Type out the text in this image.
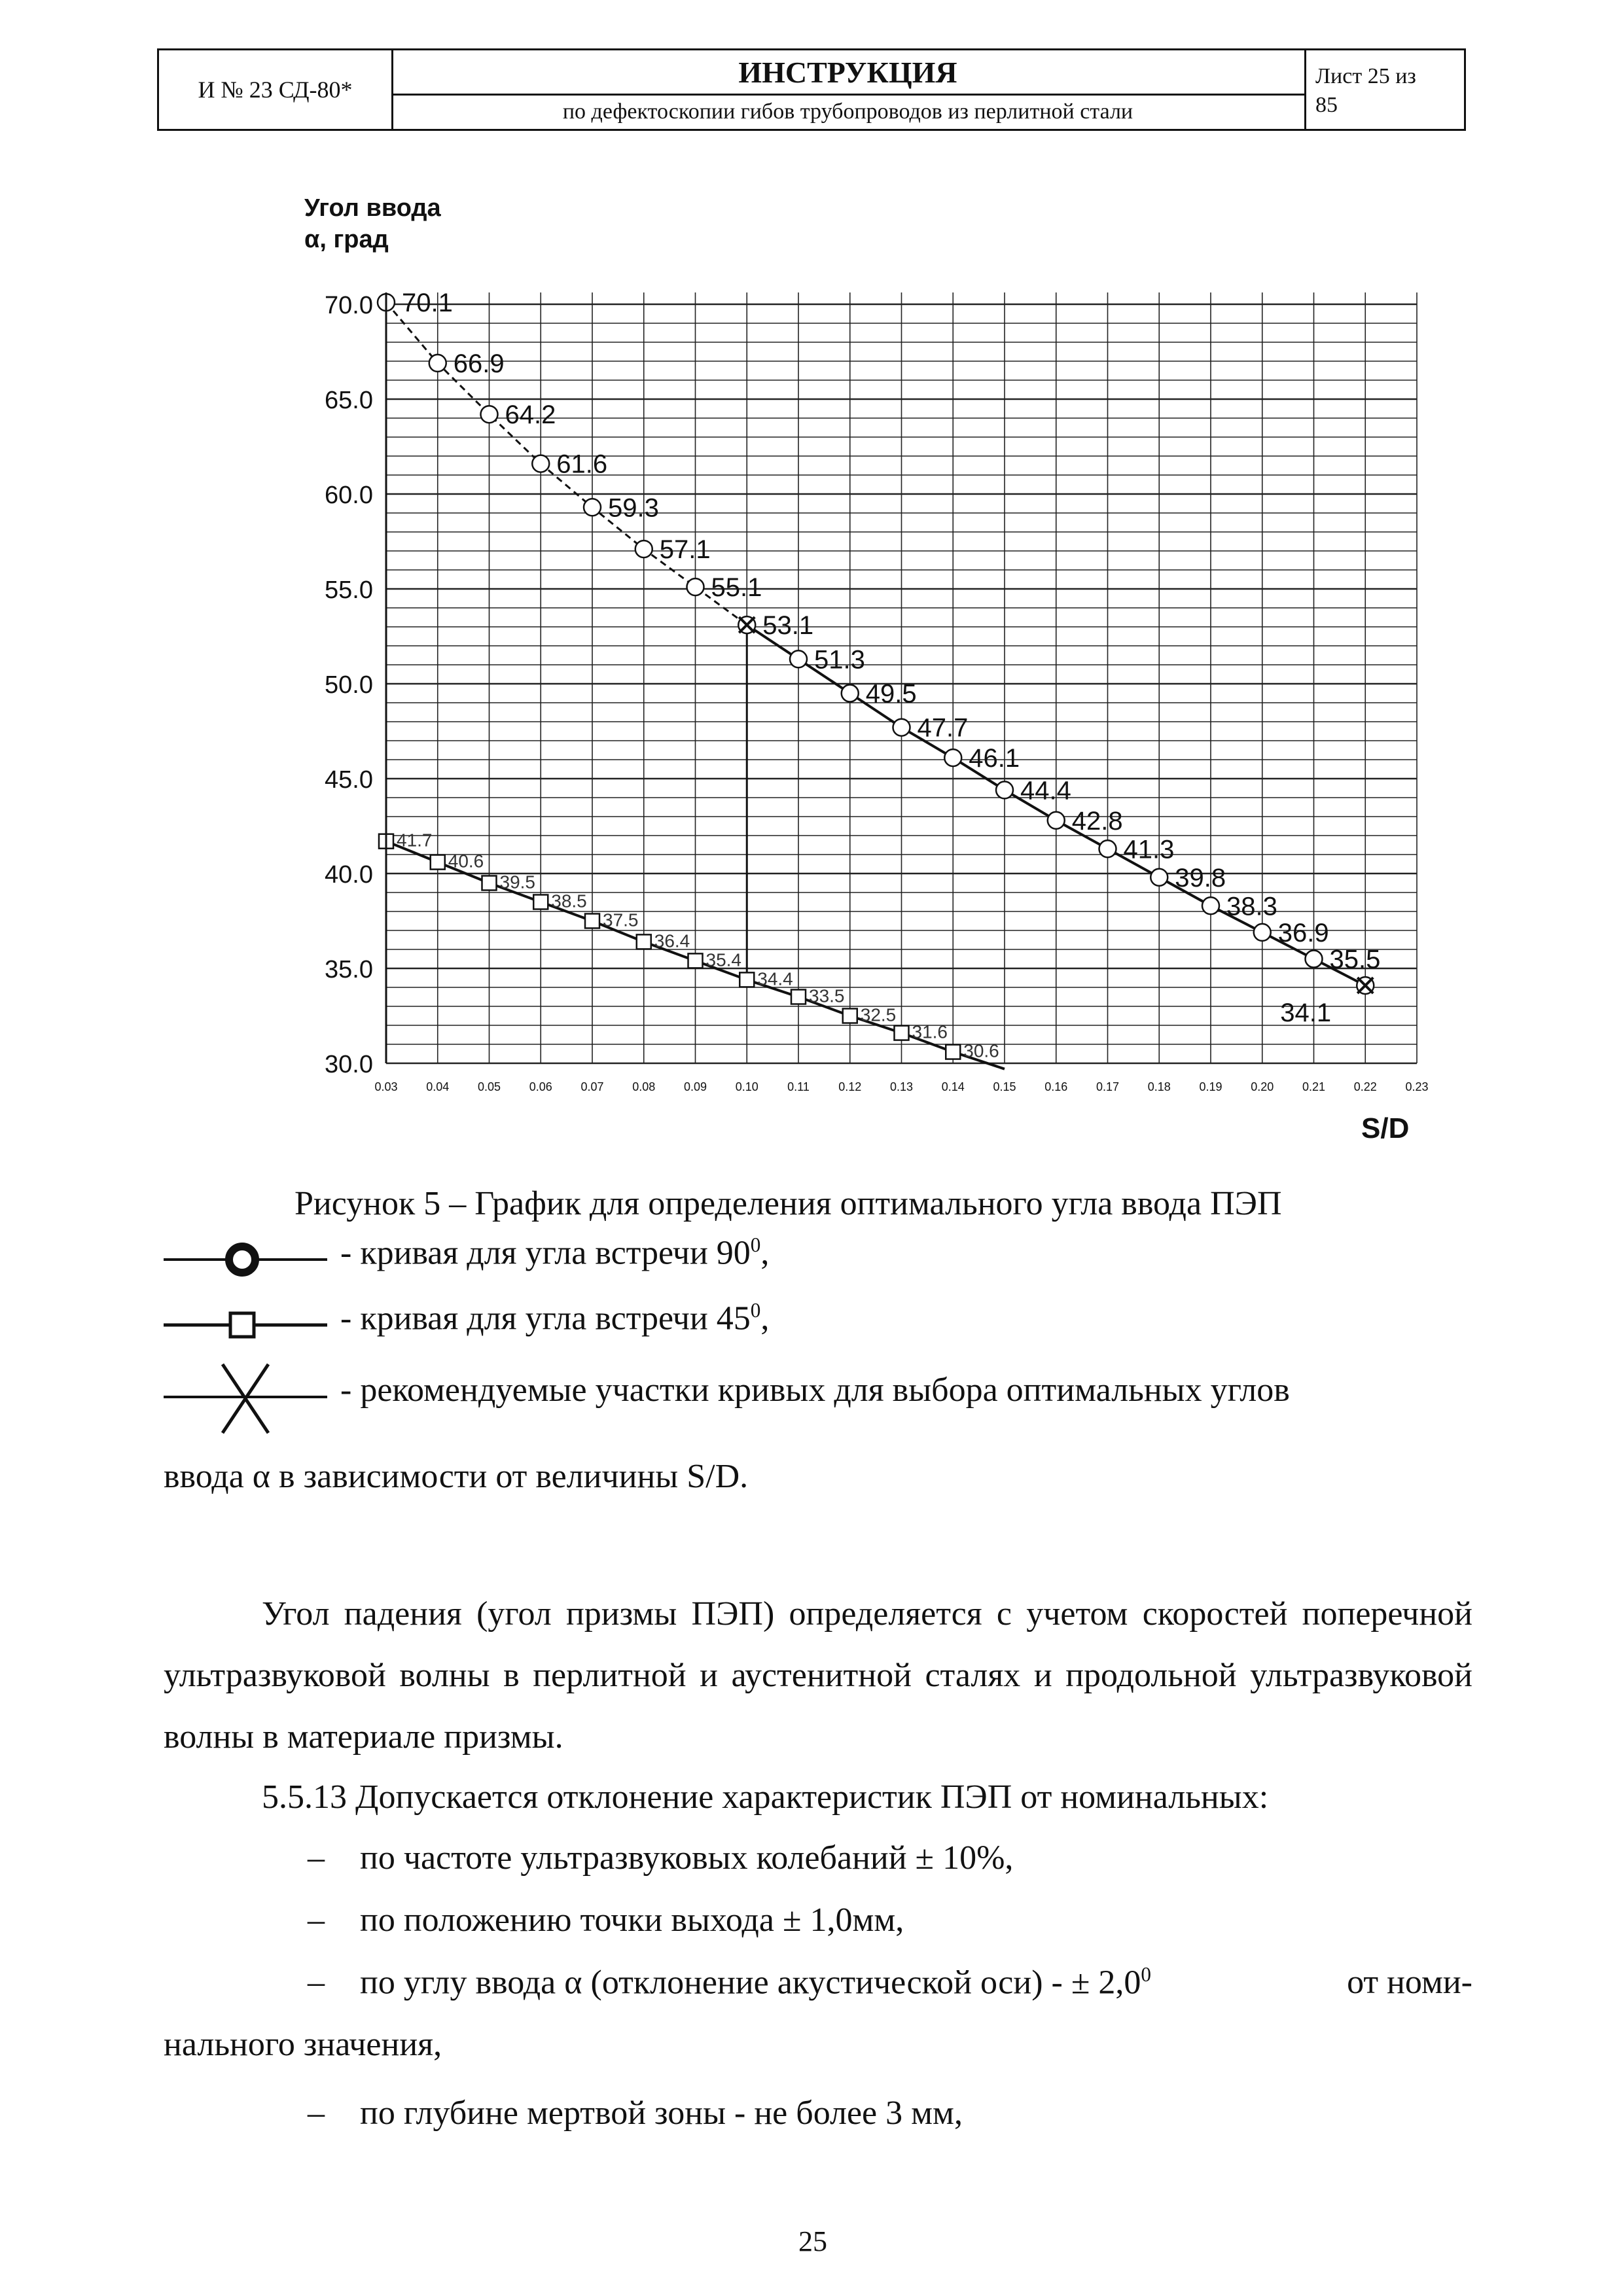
И № 23 СД-80*
ИНСТРУКЦИЯ
по дефектоскопии гибов трубопроводов из перлитной стали
Лист 25 из
85
Угол ввода
α, град
70.0
65.0
60.0
55.0
50.0
45.0
40.0
35.0
30.0
0.03 0.04 0.05 0.06 0.07 0.08 0.09 0.10 0.11 0.12 0.13 0.14 0.15 0.16 0.17 0.18 0.19 0.20 0.21 0.22 0.23
70.1
66.9
64.2
61.6
59.3
57.1
55.1
53.1
51.3
49.5
47.7
46.1
44.4
42.8
41.3
39.8
38.3
36.9
35.5
34.1
41.7
40.6
39.5
38.5
37.5
36.4
35.4
34.4
33.5
32.5
31.6
30.6
S/D
Рисунок 5 – График для определения оптимального угла ввода ПЭП
- кривая для угла встречи $90^0$,
- кривая для угла встречи $45^0$,
- рекомендуемые участки кривых для выбора оптимальных углов
ввода α в зависимости от величины S/D.
Угол падения (угол призмы ПЭП) определяется с учетом скоростей поперечной ультразвуковой волны в перлитной и аустенитной сталях и продольной ультразвуковой волны в материале призмы.
5.5.13 Допускается отклонение характеристик ПЭП от номинальных:
– по частоте ультразвуковых колебаний ± 10%,
– по положению точки выхода ± 1,0мм,
– по углу ввода α (отклонение акустической оси) - ± $2,0^0$	от номи-
нального значения,
– по глубине мертвой зоны - не более 3 мм,
25
